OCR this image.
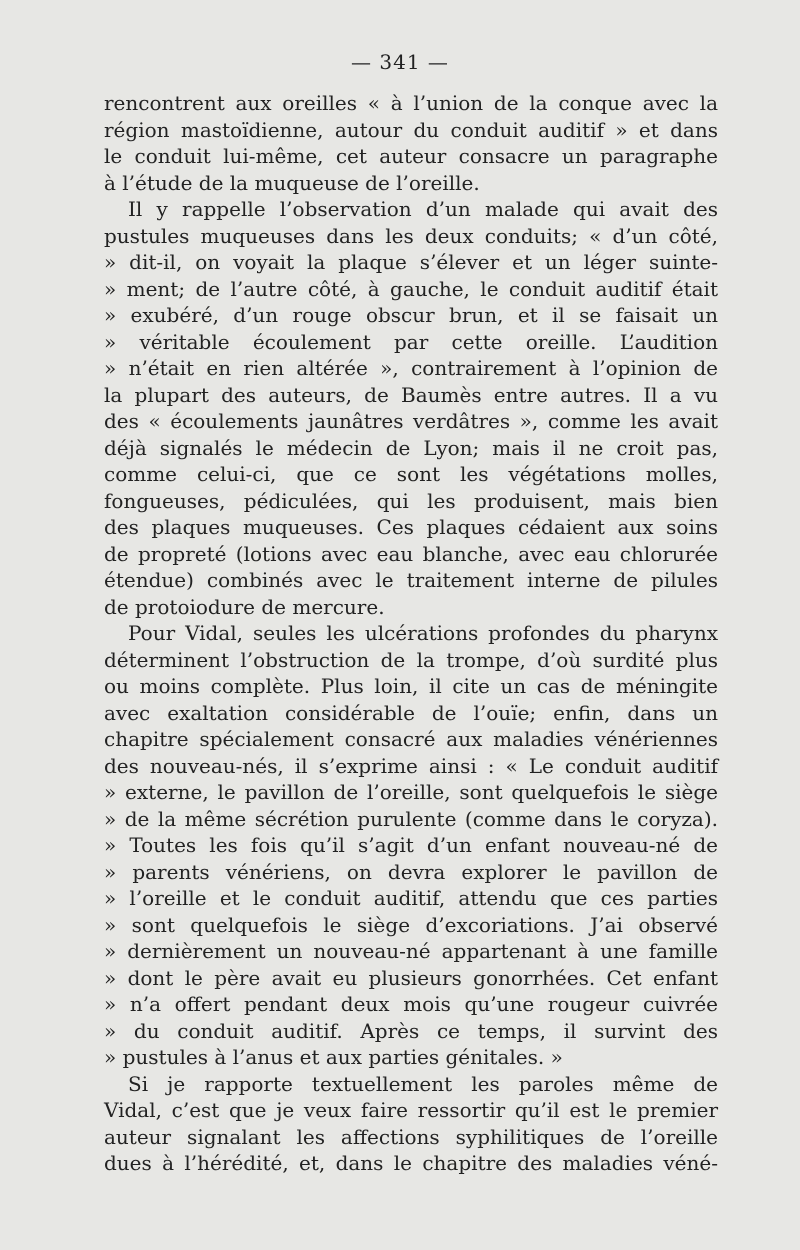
— 341 —
rencontrent aux oreilles « à l’union de la conque avec la
région mastoïdienne, autour du conduit auditif » et dans
le conduit lui-même, cet auteur consacre un paragraphe
à l’étude de la muqueuse de l’oreille.
Il y rappelle l’observation d’un malade qui avait des
pustules muqueuses dans les deux conduits; « d’un côté,
» dit-il, on voyait la plaque s’élever et un léger suinte-
» ment; de l’autre côté, à gauche, le conduit auditif était
» exubéré, d’un rouge obscur brun, et il se faisait un
» véritable écoulement par cette oreille. L’audition
» n’était en rien altérée », contrairement à l’opinion de
la plupart des auteurs, de Baumès entre autres. Il a vu
des « écoulements jaunâtres verdâtres », comme les avait
déjà signalés le médecin de Lyon; mais il ne croit pas,
comme celui-ci, que ce sont les végétations molles,
fongueuses, pédiculées, qui les produisent, mais bien
des plaques muqueuses. Ces plaques cédaient aux soins
de propreté (lotions avec eau blanche, avec eau chlorurée
étendue) combinés avec le traitement interne de pilules
de protoiodure de mercure.
Pour Vidal, seules les ulcérations profondes du pharynx
déterminent l’obstruction de la trompe, d’où surdité plus
ou moins complète. Plus loin, il cite un cas de méningite
avec exaltation considérable de l’ouïe; enfin, dans un
chapitre spécialement consacré aux maladies vénériennes
des nouveau-nés, il s’exprime ainsi : « Le conduit auditif
» externe, le pavillon de l’oreille, sont quelquefois le siège
» de la même sécrétion purulente (comme dans le coryza).
» Toutes les fois qu’il s’agit d’un enfant nouveau-né de
» parents vénériens, on devra explorer le pavillon de
» l’oreille et le conduit auditif, attendu que ces parties
» sont quelquefois le siège d’excoriations. J’ai observé
» dernièrement un nouveau-né appartenant à une famille
» dont le père avait eu plusieurs gonorrhées. Cet enfant
» n’a offert pendant deux mois qu’une rougeur cuivrée
» du conduit auditif. Après ce temps, il survint des
» pustules à l’anus et aux parties génitales. »
Si je rapporte textuellement les paroles même de
Vidal, c’est que je veux faire ressortir qu’il est le premier
auteur signalant les affections syphilitiques de l’oreille
dues à l’hérédité, et, dans le chapitre des maladies véné-
